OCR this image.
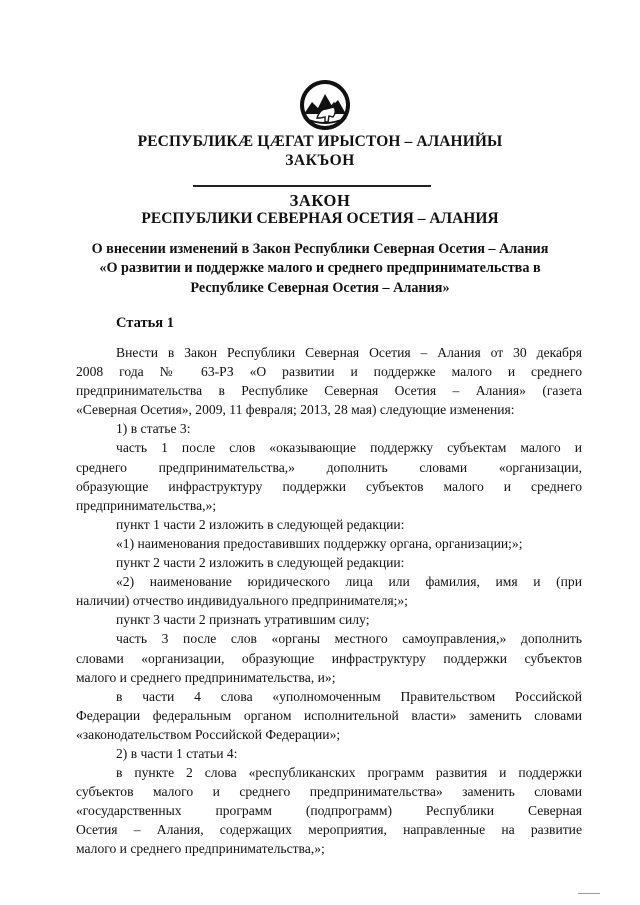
РЕСПУБЛИКÆ ЦÆГАТ ИРЫСТОН – АЛАНИЙЫ
ЗАКЪОН
ЗАКОН
РЕСПУБЛИКИ СЕВЕРНАЯ ОСЕТИЯ – АЛАНИЯ
О внесении изменений в Закон Республики Северная Осетия – Алания
«О развитии и поддержке малого и среднего предпринимательства в
Республике Северная Осетия – Алания»
Статья 1
Внести в Закон Республики Северная Осетия – Алания от 30 декабря
2008 года № 63-РЗ «О развитии и поддержке малого и среднего
предпринимательства в Республике Северная Осетия – Алания» (газета
«Северная Осетия», 2009, 11 февраля; 2013, 28 мая) следующие изменения:
1) в статье 3:
часть 1 после слов «оказывающие поддержку субъектам малого и
среднего предпринимательства,» дополнить словами «организации,
образующие инфраструктуру поддержки субъектов малого и среднего
предпринимательства,»;
пункт 1 части 2 изложить в следующей редакции:
«1) наименования предоставивших поддержку органа, организации;»;
пункт 2 части 2 изложить в следующей редакции:
«2) наименование юридического лица или фамилия, имя и (при
наличии) отчество индивидуального предпринимателя;»;
пункт 3 части 2 признать утратившим силу;
часть 3 после слов «органы местного самоуправления,» дополнить
словами «организации, образующие инфраструктуру поддержки субъектов
малого и среднего предпринимательства, и»;
в части 4 слова «уполномоченным Правительством Российской
Федерации федеральным органом исполнительной власти» заменить словами
«законодательством Российской Федерации»;
2) в части 1 статьи 4:
в пункте 2 слова «республиканских программ развития и поддержки
субъектов малого и среднего предпринимательства» заменить словами
«государственных программ (подпрограмм) Республики Северная
Осетия – Алания, содержащих мероприятия, направленные на развитие
малого и среднего предпринимательства,»;
